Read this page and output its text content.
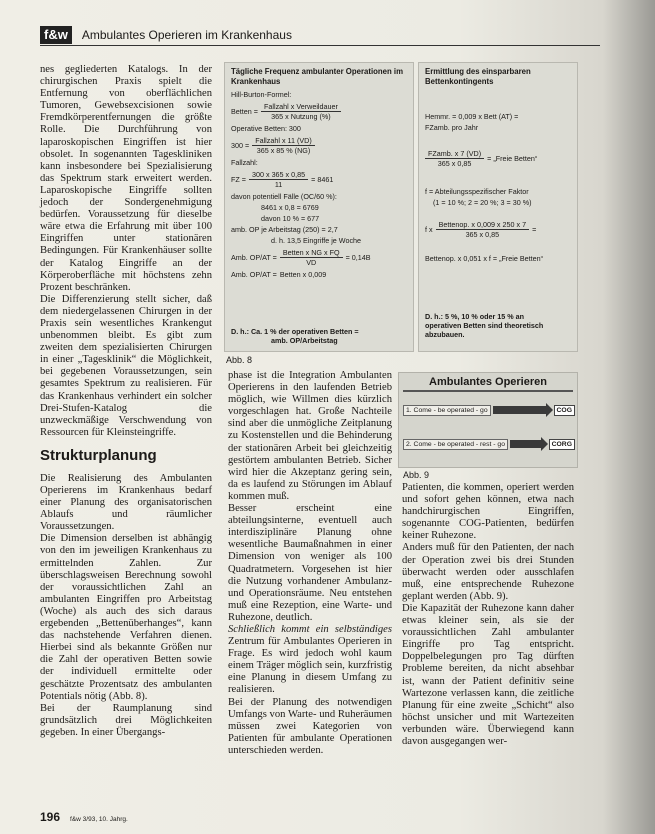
f&w	Ambulantes Operieren im Krankenhaus

nes gegliederten Katalogs. In der chirurgischen Praxis spielt die Entfernung von oberflächlichen Tumoren, Gewebsexcisionen sowie Fremdkörperentfernungen die größte Rolle. Die Durchführung von laparoskopischen Eingriffen ist hier obsolet. In sogenannten Tageskliniken kann insbesondere bei Spezialisierung das Spektrum stark erweitert werden. Laparoskopische Eingriffe sollten jedoch der Sondergenehmigung bedürfen. Voraussetzung für dieselbe wäre etwa die Erfahrung mit über 100 Eingriffen unter stationären Bedingungen. Für Krankenhäuser sollte der Katalog Eingriffe an der Körperoberfläche mit höchstens zehn Prozent beschränken.

Die Differenzierung stellt sicher, daß dem niedergelassenen Chirurgen in der Praxis sein wesentliches Krankengut unbenommen bleibt. Es gibt zum zweiten dem spezialisierten Chirurgen in einer „Tagesklinik“ die Möglichkeit, bei gegebenen Voraussetzungen, sein gesamtes Spektrum zu realisieren. Für das Krankenhaus verhindert ein solcher Drei-Stufen-Katalog die unzweckmäßige Verschwendung von Ressourcen für Kleinsteingriffe.

Strukturplanung

Die Realisierung des Ambulanten Operierens im Krankenhaus bedarf einer Planung des organisatorischen Ablaufs und räumlicher Voraussetzungen.

Die Dimension derselben ist abhängig von den im jeweiligen Krankenhaus zu ermittelnden Zahlen. Zur überschlagsweisen Berechnung sowohl der voraussichtlichen Zahl an ambulanten Eingriffen pro Arbeitstag (Woche) als auch des sich daraus ergebenden „Bettenüberhanges“, kann das nachstehende Verfahren dienen. Hierbei sind als bekannte Größen nur die Zahl der operativen Betten sowie der individuell ermittelte oder geschätzte Prozentsatz des ambulanten Potentials nötig (Abb. 8).

Bei der Raumplanung sind grundsätzlich drei Möglichkeiten gegeben. In einer Übergangs-

Tägliche Frequenz ambulanter Operationen im Krankenhaus
Hill-Burton-Formel:
Betten = $\frac{\text{Fallzahl x Verweildauer}}{\text{365 x Nutzung (\%)}}$
Operative Betten: 300
$300 = \frac{\text{Fallzahl x 11 (VD)}}{365 x 85 \% (NG)}$
Fallzahl:
FZ = $\frac{300 x 365 x 0,85}{11} = 8461$
davon potentiell Fälle (OC/60 %):
8461 x 0,8 = 6769
davon 10 % = 677
amb. OP je Arbeitstag (250) = 2,7
d. h. 13,5 Eingriffe je Woche
Amb. $OP/AT = \frac{\text{Betten x NG x FQ}}{VD} = 0,14B$
Amb. OP/AT = Betten x 0,009
D. h.: Ca. 1 % der operativen Betten =
amb. OP/Arbeitstag
Ermittlung des einsparbaren Bettenkontingents
Hemmr. = 0,009 x Bett (AT) =
FZamb. pro Jahr
$\frac{\text{FZamb. x 7 (VD)}}{365 x 0,85}$ = „Freie Betten“
f = Abteilungsspezifischer Faktor
(1 = 10 %; 2 = 20 %; 3 = 30 %)
f x $\frac{\text{Bettenop. x 0,009 x 250 x 7}}{365 x 0,85}$ =
Bettenop. x 0,051 x f = „Freie Betten“
D. h.: 5 %, 10 % oder 15 % an
operativen Betten sind theoretisch
abzubauen.
Abb. 8

phase ist die Integration Ambulanten Operierens in den laufenden Betrieb möglich, wie Willmen dies kürzlich vorgeschlagen hat. Große Nachteile sind aber die unmögliche Zeitplanung zu Kostenstellen und die Behinderung der stationären Arbeit bei gleichzeitig gestörtem ambulanten Betrieb. Sicher wird hier die Akzeptanz gering sein, da es laufend zu Störungen im Ablauf kommen muß.

Besser erscheint eine abteilungsinterne, eventuell auch interdisziplinäre Planung ohne wesentliche Baumaßnahmen in einer Dimension von weniger als 100 Quadratmetern. Vorgesehen ist hier die Nutzung vorhandener Ambulanz- und Operationsräume. Neu entstehen muß eine Rezeption, eine Warte- und Ruhezone, deutlich.

Schließlich kommt ein selbständiges Zentrum für Ambulantes Operieren in Frage. Es wird jedoch wohl kaum einem Träger möglich sein, kurzfristig eine Planung in diesem Umfang zu realisieren.

Bei der Planung des notwendigen Umfangs von Warte- und Ruheräumen müssen zwei Kategorien von Patienten für ambulante Operationen unterschieden werden.

Ambulantes Operieren
1. Come - be operated - go	COG
2. Come - be operated - rest - go	CORG
Abb. 9

Patienten, die kommen, operiert werden und sofort gehen können, etwa nach handchirurgischen Eingriffen, sogenannte COG-Patienten, bedürfen keiner Ruhezone.

Anders muß für den Patienten, der nach der Operation zwei bis drei Stunden überwacht werden oder ausschlafen muß, eine entsprechende Ruhezone geplant werden (Abb. 9).

Die Kapazität der Ruhezone kann daher etwas kleiner sein, als sie der voraussichtlichen Zahl ambulanter Eingriffe pro Tag entspricht. Doppelbelegungen pro Tag dürften Probleme bereiten, da nicht absehbar ist, wann der Patient definitiv seine Wartezone verlassen kann, die zeitliche Planung für eine zweite „Schicht“ also höchst unsicher und mit Wartezeiten verbunden wäre. Überwiegend kann davon ausgegangen wer-

196 f&w 3/93, 10. Jahrg.
